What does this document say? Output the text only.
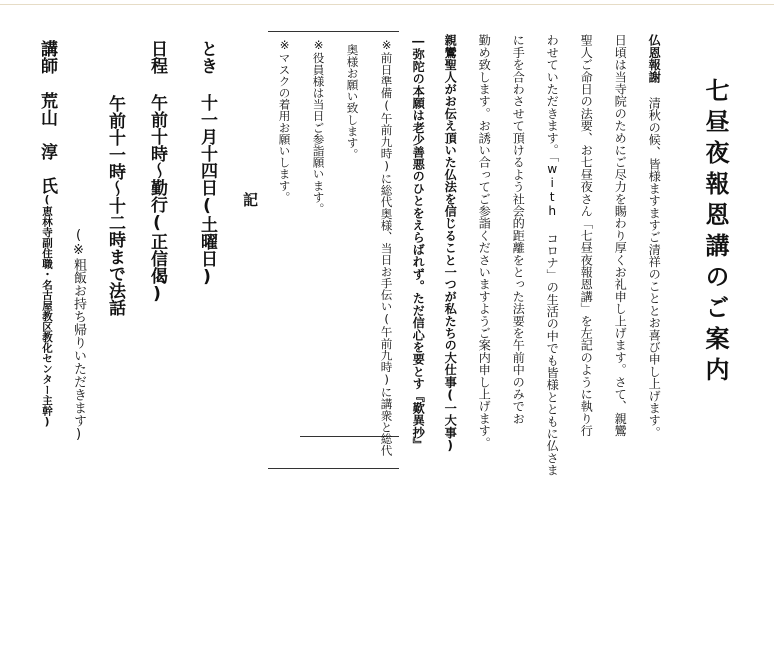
七昼夜報恩講のご案内
仏恩報謝清秋の候、皆様ますますご清祥のこととお喜び申し上げます。
日頃は当寺院のためにご尽力を賜わり厚くお礼申し上げます。さて、親鸞
聖人ご命日の法要、お七昼夜さん「七昼夜報恩講」を左記のように執り行
わせていただきます。「with コロナ」の生活の中でも皆様とともに仏さま
に手を合わさせて頂けるよう社会的距離をとった法要を午前中のみでお
勤め致します。お誘い合ってご参詣くださいますようご案内申し上げます。
親鸞聖人がお伝え頂いた仏法を信じること一つが私たちの大仕事(一大事)
―弥陀の本願は老少善悪のひとをえらばれず。ただ信心を要とす『歎異抄』
※前日準備(午前九時)に総代奥様、当日お手伝い(午前九時)に講衆と総代
奥様お願い致します。
※役員様は当日ご参詣願います。
※マスクの着用お願いします。
記
とき十一月十四日(土曜日)
日程午前十時～勤行(正信偈)
午前十一時～十二時まで法話
(※粗飯お持ち帰りいただきます)
講師荒山　淳　氏(恵林寺副住職・名古屋教区教化センター主幹)
